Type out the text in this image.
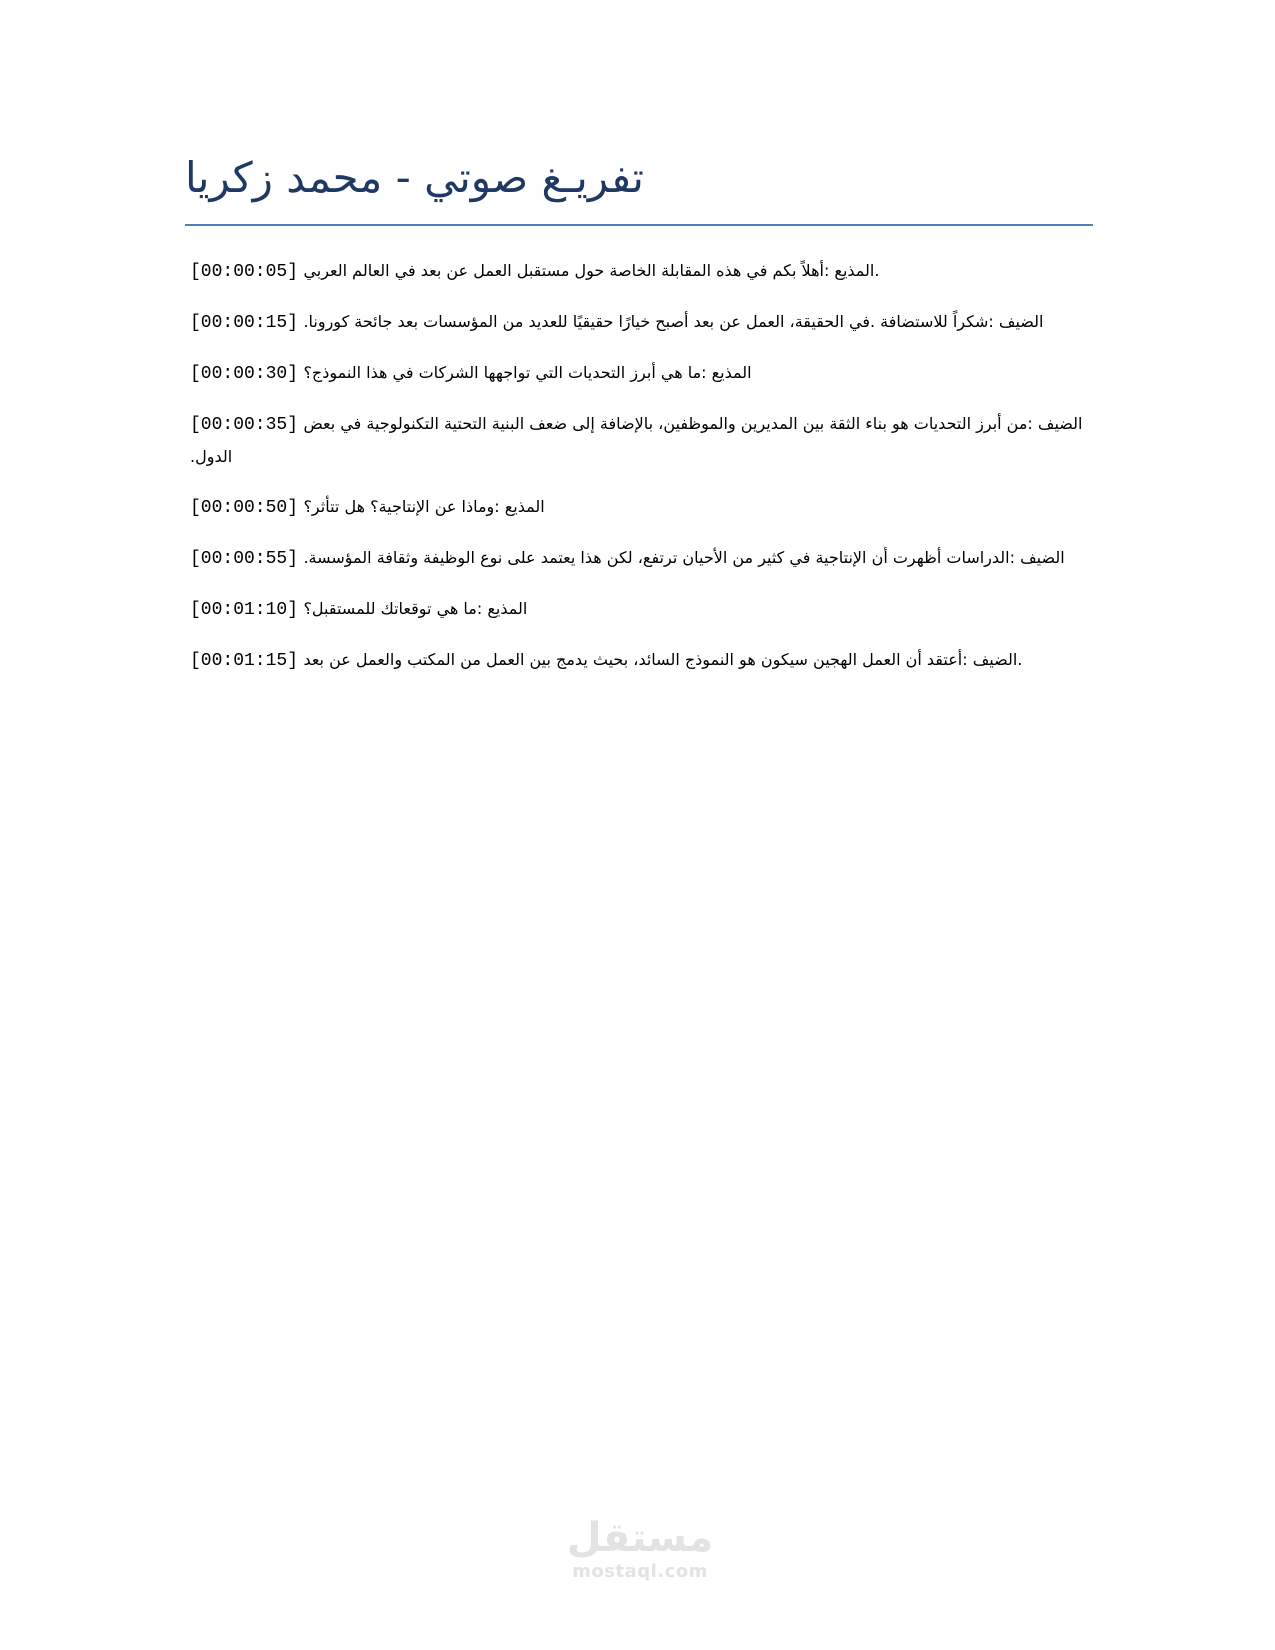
تفريـغ صوتي - محمد زكريا

[00:00:05] .المذيع :أهلاً بكم في هذه المقابلة الخاصة حول مستقبل العمل عن بعد في العالم العربي

[00:00:15] الضيف :شكراً للاستضافة .في الحقيقة، العمل عن بعد أصبح خيارًا حقيقيًا للعديد من المؤسسات بعد جائحة كورونا.

[00:00:30] المذيع :ما هي أبرز التحديات التي تواجهها الشركات في هذا النموذج؟

[00:00:35] الضيف :من أبرز التحديات هو بناء الثقة بين المديرين والموظفين، بالإضافة إلى ضعف البنية التحتية التكنولوجية في بعض الدول.

[00:00:50] المذيع :وماذا عن الإنتاجية؟ هل تتأثر؟

[00:00:55] الضيف :الدراسات أظهرت أن الإنتاجية في كثير من الأحيان ترتفع، لكن هذا يعتمد على نوع الوظيفة وثقافة المؤسسة.

[00:01:10] المذيع :ما هي توقعاتك للمستقبل؟

[00:01:15] .الضيف :أعتقد أن العمل الهجين سيكون هو النموذج السائد، بحيث يدمج بين العمل من المكتب والعمل عن بعد

مستقل
mostaql.com
